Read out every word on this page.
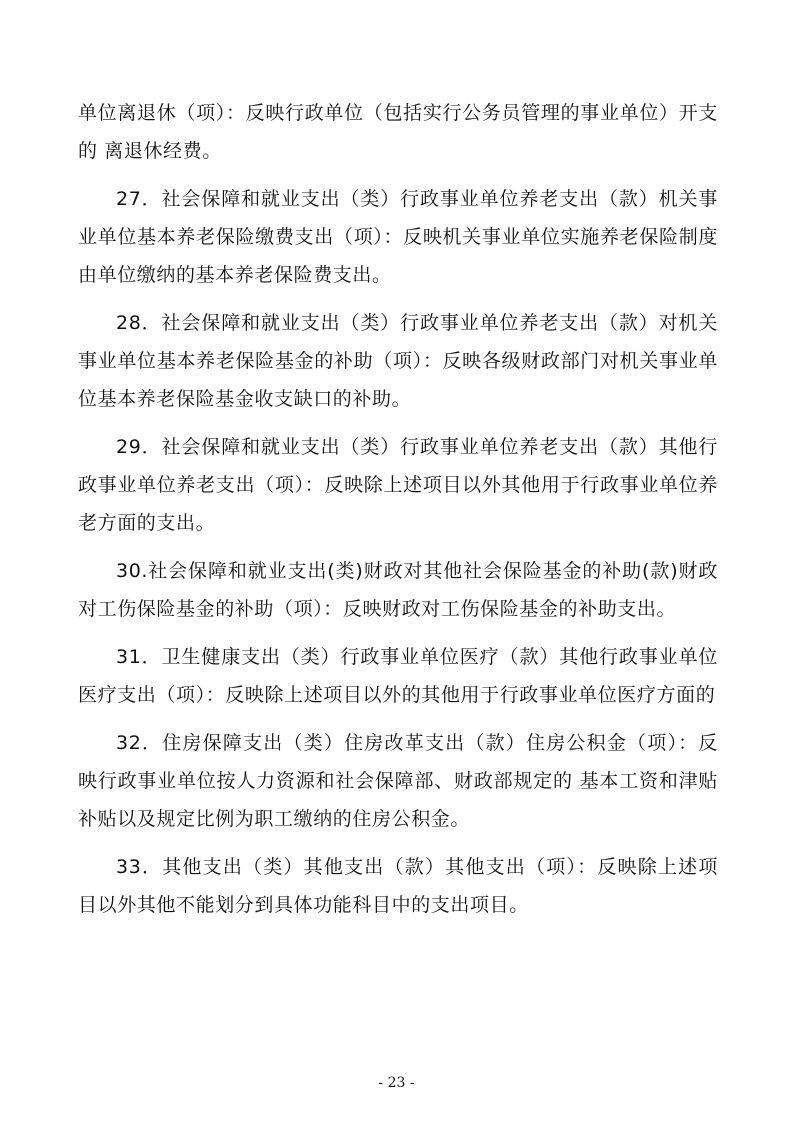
单位离退休（项）：反映行政单位（包括实行公务员管理的事业单位）开支的 离退休经费。

27．社会保障和就业支出（类）行政事业单位养老支出（款）机关事业单位基本养老保险缴费支出（项）：反映机关事业单位实施养老保险制度由单位缴纳的基本养老保险费支出。

28．社会保障和就业支出（类）行政事业单位养老支出（款）对机关事业单位基本养老保险基金的补助（项）：反映各级财政部门对机关事业单位基本养老保险基金收支缺口的补助。

29．社会保障和就业支出（类）行政事业单位养老支出（款）其他行政事业单位养老支出（项）：反映除上述项目以外其他用于行政事业单位养老方面的支出。

30.社会保障和就业支出(类)财政对其他社会保险基金的补助(款)财政对工伤保险基金的补助（项）：反映财政对工伤保险基金的补助支出。

31．卫生健康支出（类）行政事业单位医疗（款）其他行政事业单位医疗支出（项）：反映除上述项目以外的其他用于行政事业单位医疗方面的

32．住房保障支出（类）住房改革支出（款）住房公积金（项）：反映行政事业单位按人力资源和社会保障部、财政部规定的 基本工资和津贴补贴以及规定比例为职工缴纳的住房公积金。

33．其他支出（类）其他支出（款）其他支出（项）：反映除上述项目以外其他不能划分到具体功能科目中的支出项目。

- 23 -
